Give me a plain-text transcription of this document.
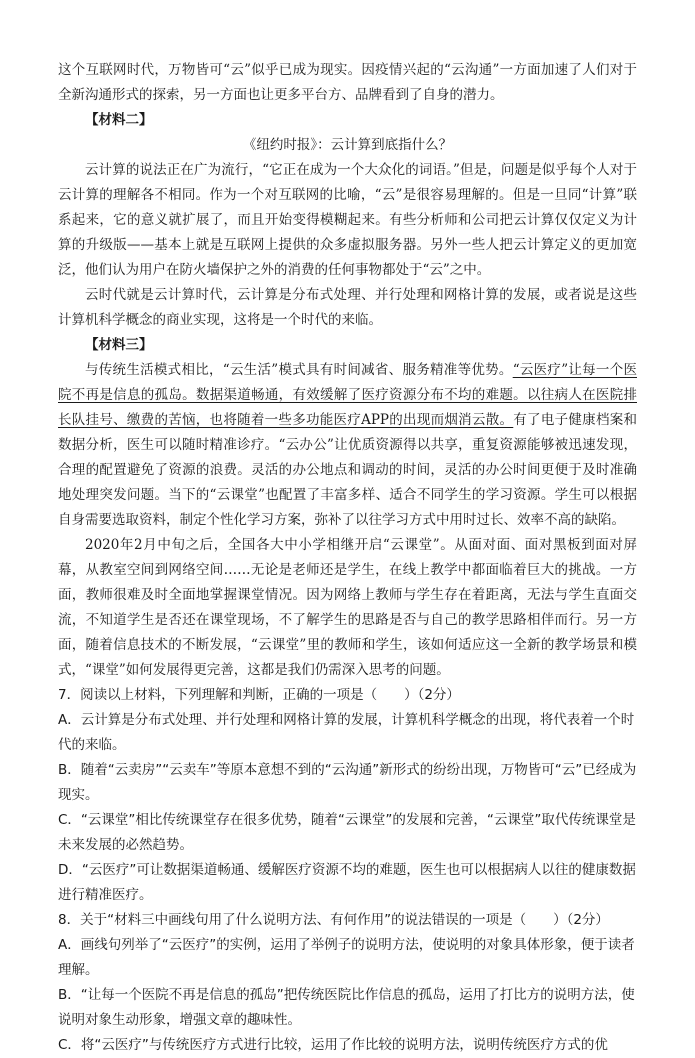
这个互联网时代，万物皆可“云”似乎已成为现实。因疫情兴起的“云沟通”一方面加速了人们对于全新沟通形式的探索，另一方面也让更多平台方、品牌看到了自身的潜力。

【材料二】

《纽约时报》：云计算到底指什么？

云计算的说法正在广为流行，“它正在成为一个大众化的词语。”但是，问题是似乎每个人对于云计算的理解各不相同。作为一个对互联网的比喻，“云”是很容易理解的。但是一旦同“计算”联系起来，它的意义就扩展了，而且开始变得模糊起来。有些分析师和公司把云计算仅仅定义为计算的升级版——基本上就是互联网上提供的众多虚拟服务器。另外一些人把云计算定义的更加宽泛，他们认为用户在防火墙保护之外的消费的任何事物都处于“云”之中。

云时代就是云计算时代，云计算是分布式处理、并行处理和网格计算的发展，或者说是这些计算机科学概念的商业实现，这将是一个时代的来临。

【材料三】

与传统生活模式相比，“云生活”模式具有时间减省、服务精准等优势。“云医疗”让每一个医院不再是信息的孤岛。数据渠道畅通，有效缓解了医疗资源分布不均的难题。以往病人在医院排长队挂号、缴费的苦恼，也将随着一些多功能医疗APP的出现而烟消云散。有了电子健康档案和数据分析，医生可以随时精准诊疗。“云办公”让优质资源得以共享，重复资源能够被迅速发现，合理的配置避免了资源的浪费。灵活的办公地点和调动的时间，灵活的办公时间更便于及时准确地处理突发问题。当下的“云课堂”也配置了丰富多样、适合不同学生的学习资源。学生可以根据自身需要选取资料，制定个性化学习方案，弥补了以往学习方式中用时过长、效率不高的缺陷。

2020年2月中旬之后，全国各大中小学相继开启“云课堂”。从面对面、面对黑板到面对屏幕，从教室空间到网络空间……无论是老师还是学生，在线上教学中都面临着巨大的挑战。一方面，教师很难及时全面地掌握课堂情况。因为网络上教师与学生存在着距离，无法与学生直面交流，不知道学生是否还在课堂现场，不了解学生的思路是否与自己的教学思路相伴而行。另一方面，随着信息技术的不断发展，“云课堂”里的教师和学生，该如何适应这一全新的教学场景和模式，“课堂”如何发展得更完善，这都是我们仍需深入思考的问题。

7．阅读以上材料，下列理解和判断，正确的一项是（　　）（2分）

A．云计算是分布式处理、并行处理和网格计算的发展，计算机科学概念的出现，将代表着一个时代的来临。

B．随着“云卖房”“云卖车”等原本意想不到的“云沟通”新形式的纷纷出现，万物皆可“云”已经成为现实。

C．“云课堂”相比传统课堂存在很多优势，随着“云课堂”的发展和完善，“云课堂”取代传统课堂是未来发展的必然趋势。

D．“云医疗”可让数据渠道畅通、缓解医疗资源不均的难题，医生也可以根据病人以往的健康数据进行精准医疗。

8．关于“材料三中画线句用了什么说明方法、有何作用”的说法错误的一项是（　　）（2分）

A．画线句列举了“云医疗”的实例，运用了举例子的说明方法，使说明的对象具体形象，便于读者理解。

B．“让每一个医院不再是信息的孤岛”把传统医院比作信息的孤岛，运用了打比方的说明方法，使说明对象生动形象，增强文章的趣味性。

C．将“云医疗”与传统医疗方式进行比较，运用了作比较的说明方法，说明传统医疗方式的优
